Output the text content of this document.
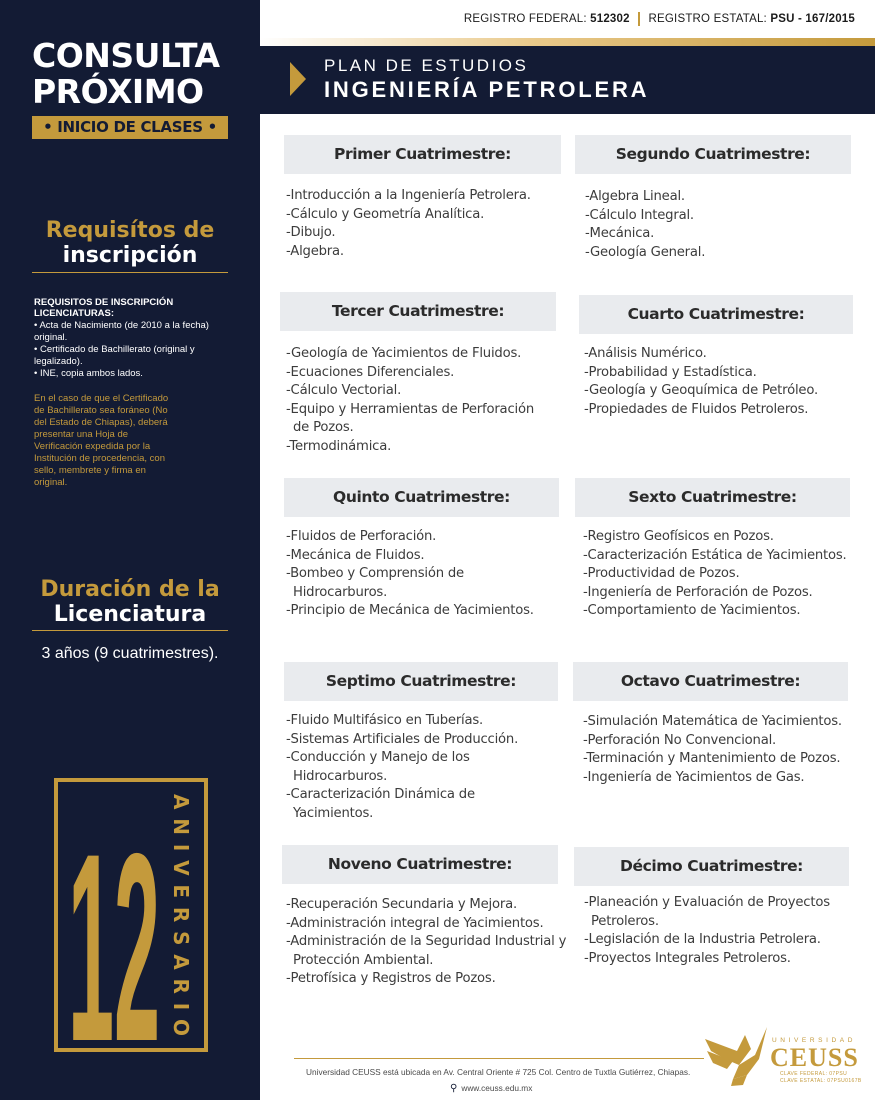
CONSULTA
PRÓXIMO
• INICIO DE CLASES •
Requisítos de
inscripción
REQUISITOS DE INSCRIPCIÓN LICENCIATURAS:
• Acta de Nacimiento (de 2010 a la fecha) original.
• Certificado de Bachillerato (original y legalizado).
• INE, copia ambos lados.
En el caso de que el Certificado de Bachillerato sea foráneo (No del Estado de Chiapas), deberá presentar una Hoja de Verificación expedida por la Institución de procedencia, con sello, membrete y firma en original.
Duración de la
Licenciatura
3 años (9 cuatrimestres).
12 ANIVERSARIO
REGISTRO FEDERAL: 512302 REGISTRO ESTATAL: PSU - 167/2015
PLAN DE ESTUDIOS
INGENIERÍA PETROLERA
Primer Cuatrimestre:
-Introducción a la Ingeniería Petrolera.
-Cálculo y Geometría Analítica.
-Dibujo.
-Algebra.
Segundo Cuatrimestre:
-Algebra Lineal.
-Cálculo Integral.
-Mecánica.
-Geología General.
Tercer Cuatrimestre:
-Geología de Yacimientos de Fluidos.
-Ecuaciones Diferenciales.
-Cálculo Vectorial.
-Equipo y Herramientas de Perforación de Pozos.
-Termodinámica.
Cuarto Cuatrimestre:
-Análisis Numérico.
-Probabilidad y Estadística.
-Geología y Geoquímica de Petróleo.
-Propiedades de Fluidos Petroleros.
Quinto Cuatrimestre:
-Fluidos de Perforación.
-Mecánica de Fluidos.
-Bombeo y Comprensión de Hidrocarburos.
-Principio de Mecánica de Yacimientos.
Sexto Cuatrimestre:
-Registro Geofísicos en Pozos.
-Caracterización Estática de Yacimientos.
-Productividad de Pozos.
-Ingeniería de Perforación de Pozos.
-Comportamiento de Yacimientos.
Septimo Cuatrimestre:
-Fluido Multifásico en Tuberías.
-Sistemas Artificiales de Producción.
-Conducción y Manejo de los Hidrocarburos.
-Caracterización Dinámica de Yacimientos.
Octavo Cuatrimestre:
-Simulación Matemática de Yacimientos.
-Perforación No Convencional.
-Terminación y Mantenimiento de Pozos.
-Ingeniería de Yacimientos de Gas.
Noveno Cuatrimestre:
-Recuperación Secundaria y Mejora.
-Administración integral de Yacimientos.
-Administración de la Seguridad Industrial y Protección Ambiental.
-Petrofísica y Registros de Pozos.
Décimo Cuatrimestre:
-Planeación y Evaluación de Proyectos Petroleros.
-Legislación de la Industria Petrolera.
-Proyectos Integrales Petroleros.
Universidad CEUSS está ubicada en Av. Central Oriente # 725 Col. Centro de Tuxtla Gutiérrez, Chiapas.
⚲ www.ceuss.edu.mx
UNIVERSIDAD
CEUSS
CLAVE FEDERAL: 07PSU
CLAVE ESTATAL: 07PSU0167B
